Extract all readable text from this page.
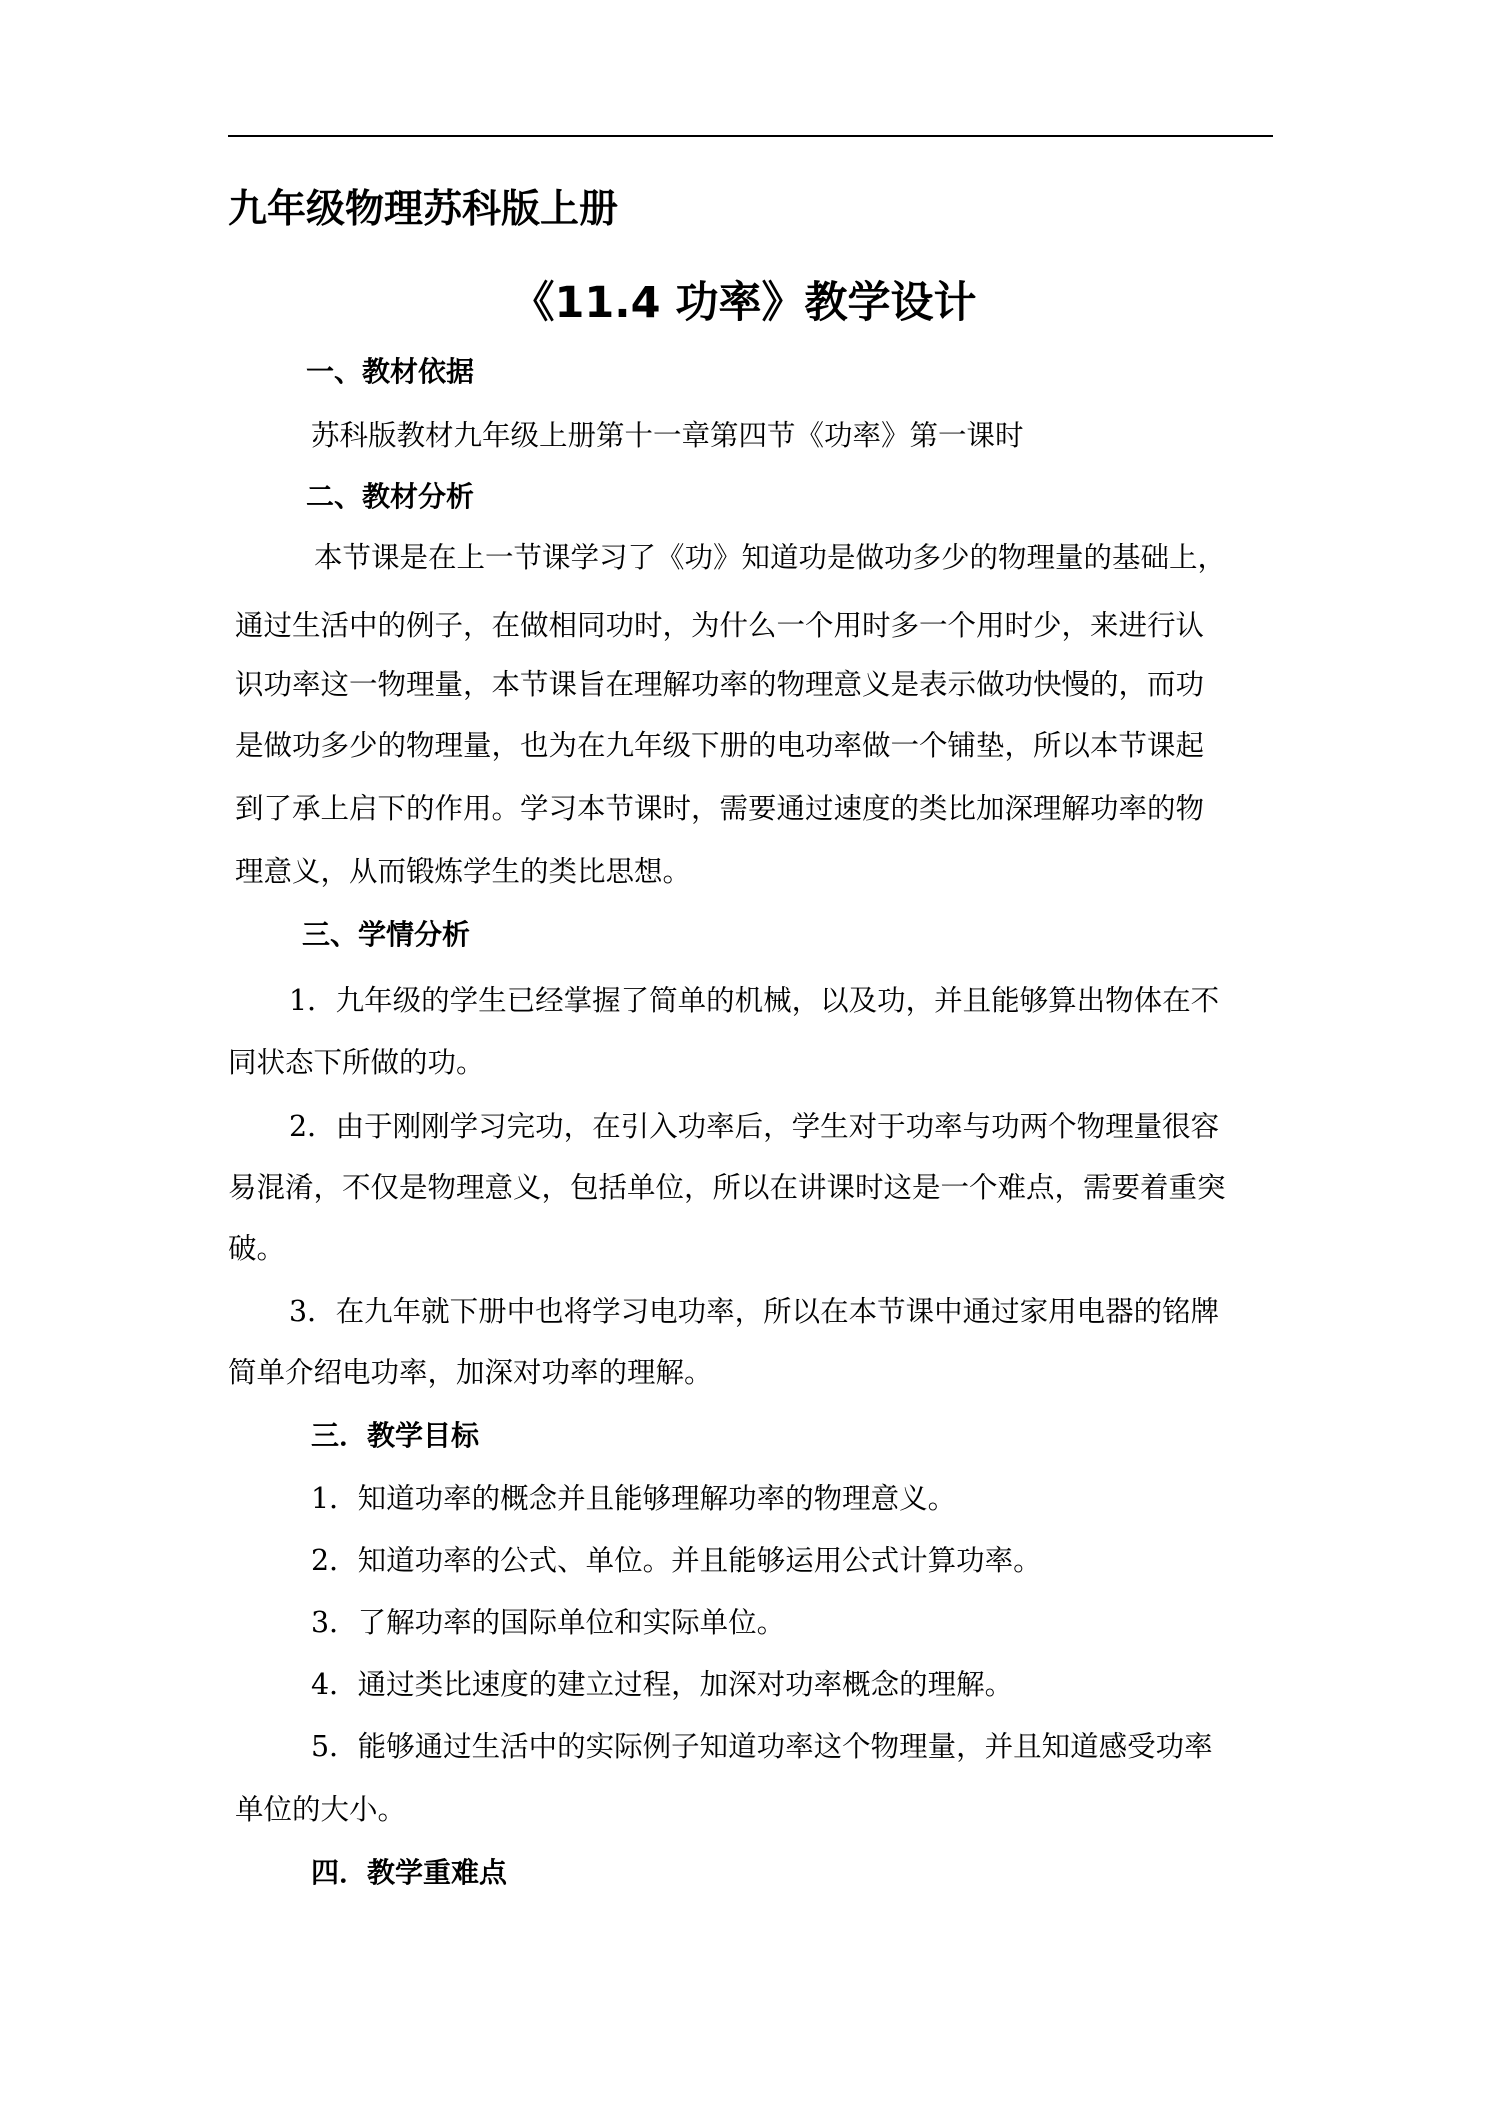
九年级物理苏科版上册
《11.4 功率》教学设计
一、教材依据
苏科版教材九年级上册第十一章第四节《功率》第一课时
二、教材分析
本节课是在上一节课学习了《功》知道功是做功多少的物理量的基础上，
通过生活中的例子，在做相同功时，为什么一个用时多一个用时少，来进行认
识功率这一物理量，本节课旨在理解功率的物理意义是表示做功快慢的，而功
是做功多少的物理量，也为在九年级下册的电功率做一个铺垫，所以本节课起
到了承上启下的作用。学习本节课时，需要通过速度的类比加深理解功率的物
理意义，从而锻炼学生的类比思想。
三、学情分析
1．九年级的学生已经掌握了简单的机械，以及功，并且能够算出物体在不
同状态下所做的功。
2．由于刚刚学习完功，在引入功率后，学生对于功率与功两个物理量很容
易混淆，不仅是物理意义，包括单位，所以在讲课时这是一个难点，需要着重突
破。
3．在九年就下册中也将学习电功率，所以在本节课中通过家用电器的铭牌
简单介绍电功率，加深对功率的理解。
三．教学目标
1．知道功率的概念并且能够理解功率的物理意义。
2．知道功率的公式、单位。并且能够运用公式计算功率。
3．了解功率的国际单位和实际单位。
4．通过类比速度的建立过程，加深对功率概念的理解。
5．能够通过生活中的实际例子知道功率这个物理量，并且知道感受功率
单位的大小。
四．教学重难点
